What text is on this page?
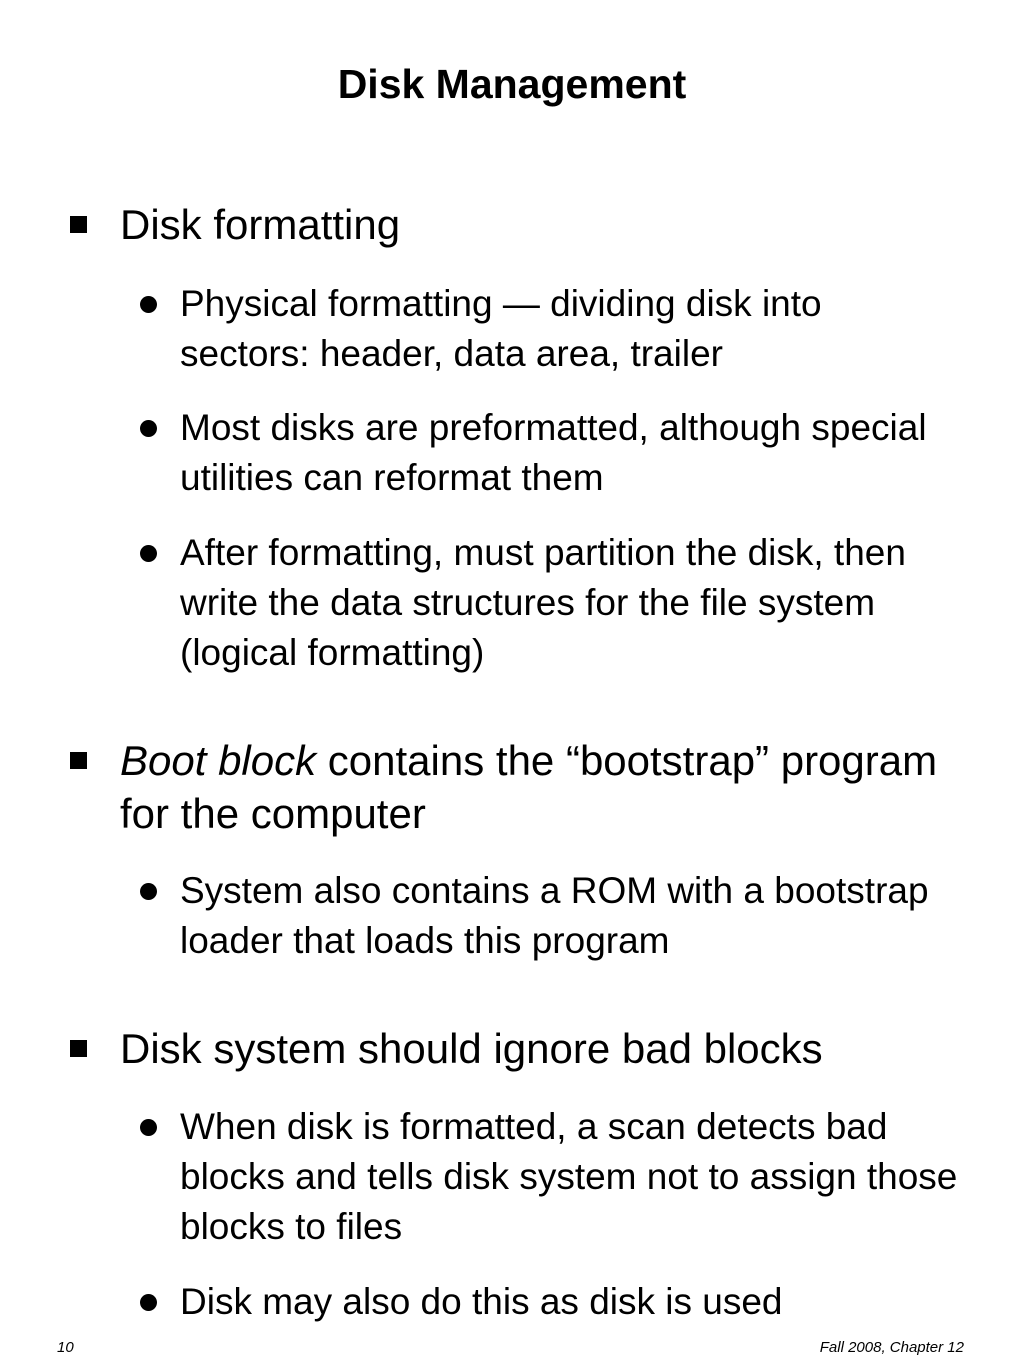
Disk Management
Disk formatting
Physical formatting — dividing disk into sectors: header, data area, trailer
Most disks are preformatted, although special utilities can reformat them
After formatting, must partition the disk, then write the data structures for the file system (logical formatting)
Boot block contains the “bootstrap” program for the computer
System also contains a ROM with a bootstrap loader that loads this program
Disk system should ignore bad blocks
When disk is formatted, a scan detects bad blocks and tells disk system not to assign those blocks to files
Disk may also do this as disk is used
10	Fall 2008, Chapter 12
